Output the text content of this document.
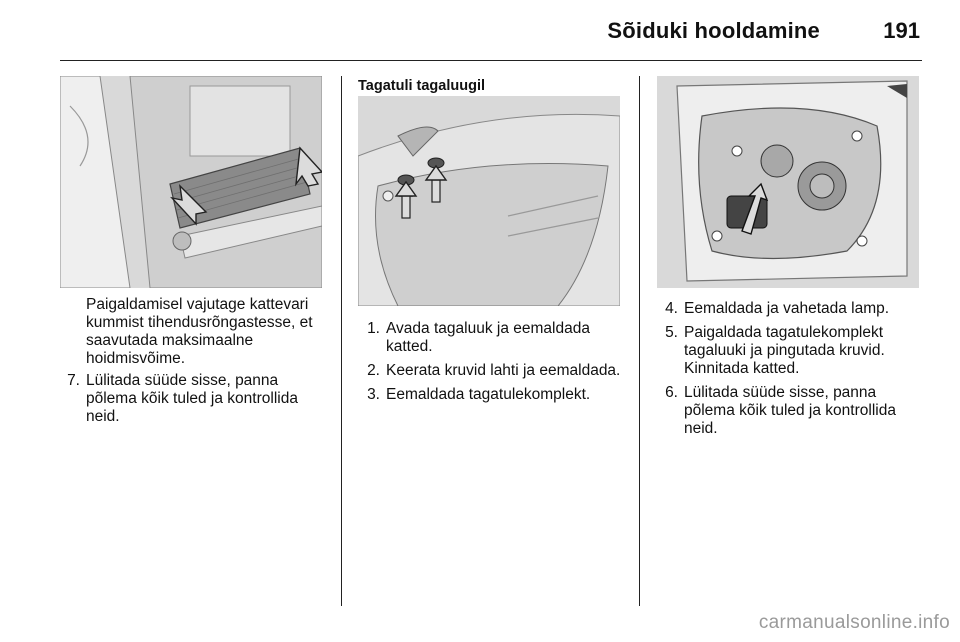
Sõiduki hooldamine	191
Paigaldamisel vajutage kattevari
kummist tihendusrõngastesse, et
saavutada maksimaalne
hoidmisvõime.
7. Lülitada süüde sisse, panna
põlema kõik tuled ja kontrollida
neid.
Tagatuli tagaluugil
1. Avada tagaluuk ja eemaldada
katted.
2. Keerata kruvid lahti ja eemaldada.
3. Eemaldada tagatulekomplekt.
4. Eemaldada ja vahetada lamp.
5. Paigaldada tagatulekomplekt
tagaluuki ja pingutada kruvid.
Kinnitada katted.
6. Lülitada süüde sisse, panna
põlema kõik tuled ja kontrollida
neid.
carmanualsonline.info
